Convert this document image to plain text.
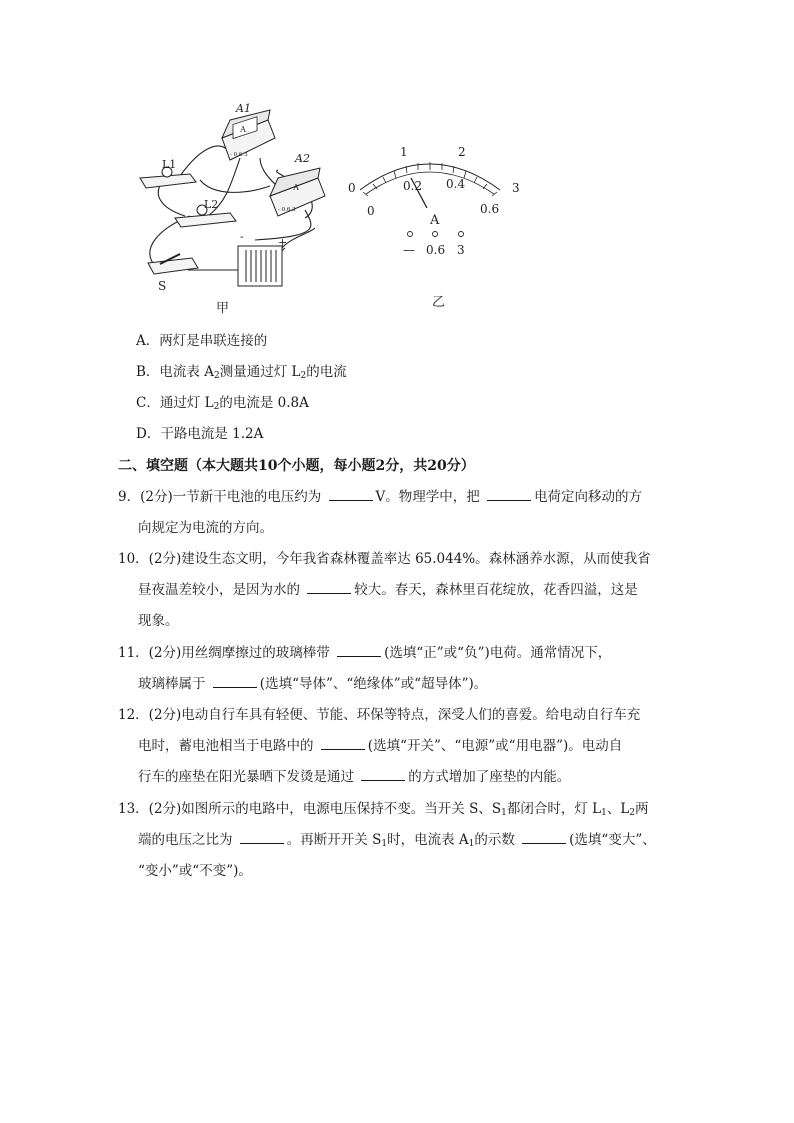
A
- 0.6 3
A1
A
- 0.6 3
A2
L1
L2
S
-	+
甲
0
1	2
3
0
0.2 0.4
0.6
A
— 0.6 3
乙
A．两灯是串联连接的
B．电流表 $A_2$测量通过灯 $L_2$的电流
C．通过灯 $L_2$的电流是 0.8A
D．干路电流是 1.2A
二、填空题（本大题共10个小题，每小题2分，共20分）
9．(2分)一节新干电池的电压约为	V。物理学中，把	电荷定向移动的方
向规定为电流的方向。
10．(2分)建设生态文明，今年我省森林覆盖率达 65.044%。森林涵养水源，从而使我省
昼夜温差较小，是因为水的	较大。春天，森林里百花绽放，花香四溢，这是
现象。
11．(2分)用丝绸摩擦过的玻璃棒带	(选填“正”或“负”)电荷。通常情况下，
玻璃棒属于	(选填“导体”、“绝缘体”或“超导体”)。
12．(2分)电动自行车具有轻便、节能、环保等特点，深受人们的喜爱。给电动自行车充
电时，蓄电池相当于电路中的	(选填“开关”、“电源”或“用电器”)。电动自
行车的座垫在阳光暴晒下发烫是通过	的方式增加了座垫的内能。
13．(2分)如图所示的电路中，电源电压保持不变。当开关 S、$S_1$都闭合时，灯 $L_1$、$L_2$两
端的电压之比为	。再断开开关 $S_1$时，电流表 $A_1$的示数	(选填“变大”、
“变小”或“不变”)。
